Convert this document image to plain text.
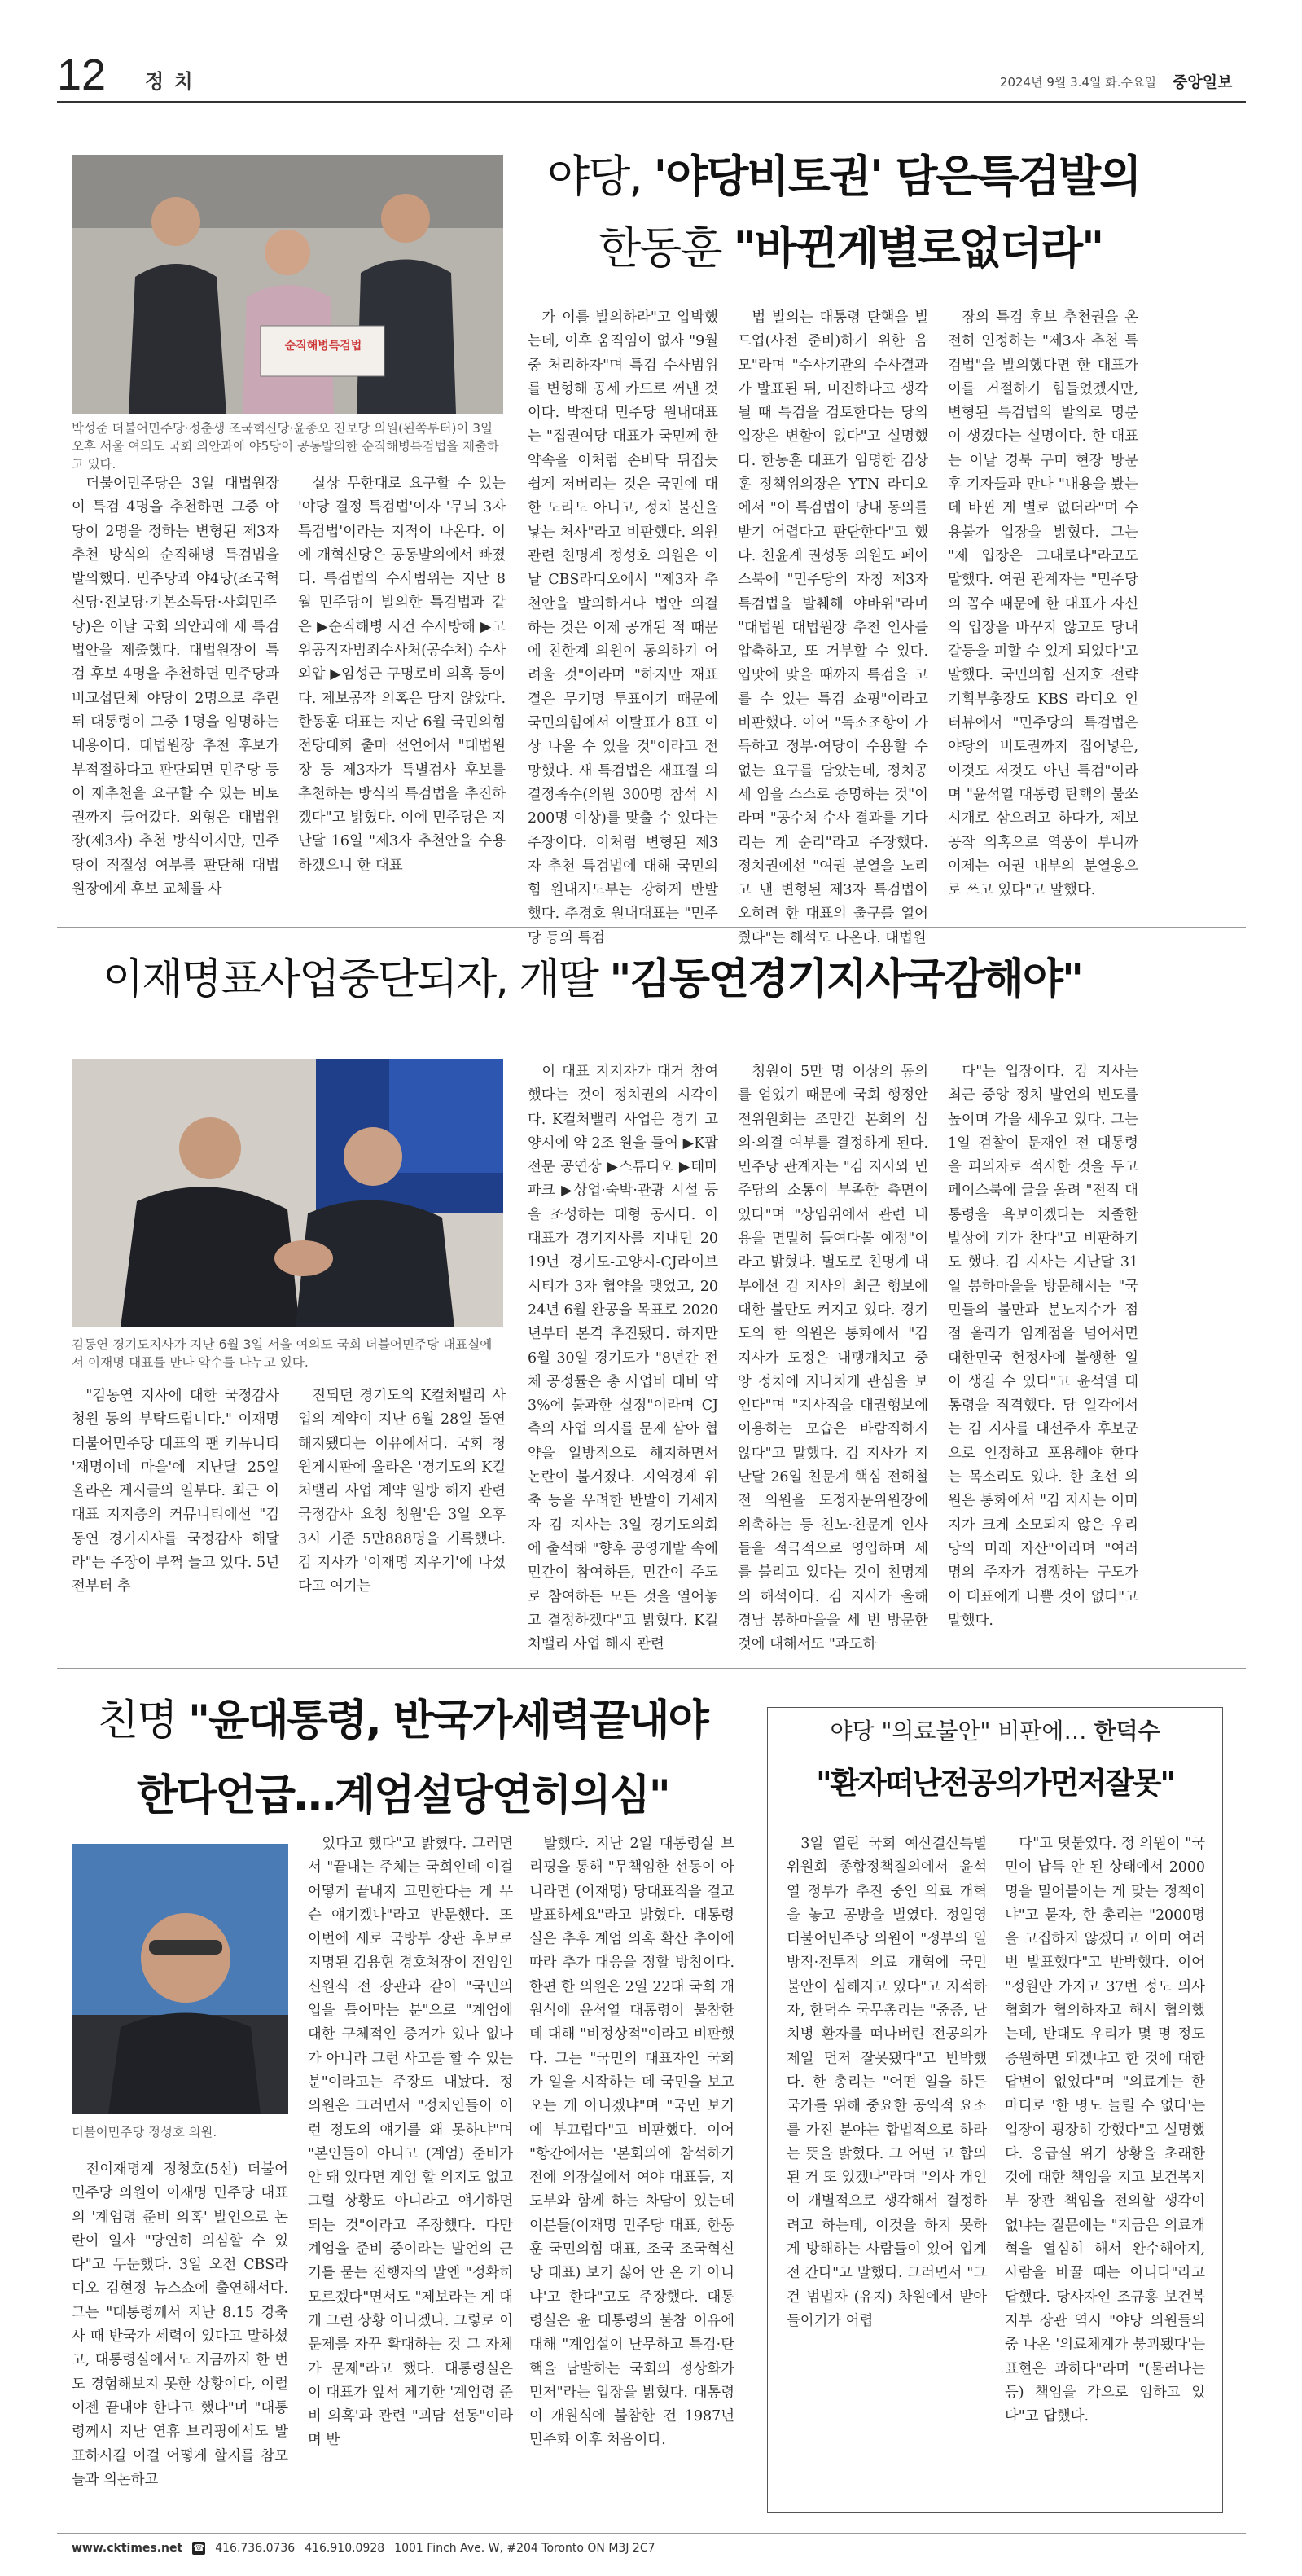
12 정 치	2024년 9월 3.4일 화.수요일 중앙일보
순직해병특검법
박성준 더불어민주당·정춘생 조국혁신당·윤종오 진보당 의원(왼쪽부터)이 3일 오후 서울 여의도 국회 의안과에 야5당이 공동발의한 순직해병특검법을 제출하고 있다.
야당, '야당비토권' 담은특검발의
한동훈 "바뀐게별로없더라"

가 이를 발의하라"고 압박했는데, 이후 움직임이 없자 "9월 중 처리하자"며 특검 수사범위를 변형해 공세 카드로 꺼낸 것이다. 박찬대 민주당 원내대표는 "집권여당 대표가 국민께 한 약속을 이처럼 손바닥 뒤집듯 쉽게 저버리는 것은 국민에 대한 도리도 아니고, 정치 불신을 낳는 처사"라고 비판했다. 의원 관련 친명계 정성호 의원은 이날 CBS라디오에서 "제3자 추천안을 발의하거나 법안 의결하는 것은 이제 공개된 적 때문에 친한계 의원이 동의하기 어려울 것"이라며 "하지만 재표결은 무기명 투표이기 때문에 국민의힘에서 이탈표가 8표 이상 나올 수 있을 것"이라고 전망했다. 새 특검법은 재표결 의결정족수(의원 300명 참석 시 200명 이상)를 맞출 수 있다는 주장이다. 이처럼 변형된 제3자 추천 특검법에 대해 국민의힘 원내지도부는 강하게 반발했다. 추경호 원내대표는 "민주당 등의 특검

법 발의는 대통령 탄핵을 빌드업(사전 준비)하기 위한 음모"라며 "수사기관의 수사결과가 발표된 뒤, 미진하다고 생각될 때 특검을 검토한다는 당의 입장은 변함이 없다"고 설명했다. 한동훈 대표가 임명한 김상훈 정책위의장은 YTN 라디오에서 "이 특검법이 당내 동의를 받기 어렵다고 판단한다"고 했다. 친윤계 권성동 의원도 페이스북에 "민주당의 자칭 제3자 특검법을 발췌해 야바위"라며 "대법원 대법원장 추천 인사를 압축하고, 또 거부할 수 있다. 입맛에 맞을 때까지 특검을 고를 수 있는 특검 쇼핑"이라고 비판했다. 이어 "독소조항이 가득하고 정부·여당이 수용할 수 없는 요구를 담았는데, 정치공세 임을 스스로 증명하는 것"이라며 "공수처 수사 결과를 기다리는 게 순리"라고 주장했다. 정치권에선 "여권 분열을 노리고 낸 변형된 제3자 특검법이 오히려 한 대표의 출구를 열어줬다"는 해석도 나온다. 대법원

장의 특검 후보 추천권을 온전히 인정하는 "제3자 추천 특검법"을 발의했다면 한 대표가 이를 거절하기 힘들었겠지만, 변형된 특검법의 발의로 명분이 생겼다는 설명이다. 한 대표는 이날 경북 구미 현장 방문 후 기자들과 만나 "내용을 봤는데 바뀐 게 별로 없더라"며 수용불가 입장을 밝혔다. 그는 "제 입장은 그대로다"라고도 말했다. 여권 관계자는 "민주당의 꼼수 때문에 한 대표가 자신의 입장을 바꾸지 않고도 당내 갈등을 피할 수 있게 되었다"고 말했다. 국민의힘 신지호 전략기획부총장도 KBS 라디오 인터뷰에서 "민주당의 특검법은 야당의 비토권까지 집어넣은, 이것도 저것도 아닌 특검"이라며 "윤석열 대통령 탄핵의 불쏘시개로 삼으려고 하다가, 제보 공작 의혹으로 역풍이 부니까 이제는 여권 내부의 분열용으로 쓰고 있다"고 말했다.

더불어민주당은 3일 대법원장이 특검 4명을 추천하면 그중 야당이 2명을 정하는 변형된 제3자 추천 방식의 순직해병 특검법을 발의했다. 민주당과 야4당(조국혁신당·진보당·기본소득당·사회민주당)은 이날 국회 의안과에 새 특검법안을 제출했다. 대법원장이 특검 후보 4명을 추천하면 민주당과 비교섭단체 야당이 2명으로 추린 뒤 대통령이 그중 1명을 임명하는 내용이다. 대법원장 추천 후보가 부적절하다고 판단되면 민주당 등이 재추천을 요구할 수 있는 비토권까지 들어갔다. 외형은 대법원장(제3자) 추천 방식이지만, 민주당이 적절성 여부를 판단해 대법원장에게 후보 교체를 사

실상 무한대로 요구할 수 있는 '야당 결정 특검법'이자 '무늬 3자 특검법'이라는 지적이 나온다. 이에 개혁신당은 공동발의에서 빠졌다. 특검법의 수사범위는 지난 8월 민주당이 발의한 특검법과 같은 ▶순직해병 사건 수사방해 ▶고위공직자범죄수사처(공수처) 수사 외압 ▶임성근 구명로비 의혹 등이다. 제보공작 의혹은 담지 않았다. 한동훈 대표는 지난 6월 국민의힘 전당대회 출마 선언에서 "대법원장 등 제3자가 특별검사 후보를 추천하는 방식의 특검법을 추진하겠다"고 밝혔다. 이에 민주당은 지난달 16일 "제3자 추천안을 수용하겠으니 한 대표

이재명표사업중단되자, 개딸 "김동연경기지사국감해야"
김동연 경기도지사가 지난 6월 3일 서울 여의도 국회 더불어민주당 대표실에서 이재명 대표를 만나 악수를 나누고 있다.

이 대표 지지자가 대거 참여했다는 것이 정치권의 시각이다. K컬처밸리 사업은 경기 고양시에 약 2조 원을 들여 ▶K팝 전문 공연장 ▶스튜디오 ▶테마파크 ▶상업·숙박·관광 시설 등을 조성하는 대형 공사다. 이 대표가 경기지사를 지내던 2019년 경기도-고양시-CJ라이브시티가 3자 협약을 맺었고, 2024년 6월 완공을 목표로 2020년부터 본격 추진됐다. 하지만 6월 30일 경기도가 "8년간 전체 공정률은 총 사업비 대비 약 3%에 불과한 실정"이라며 CJ측의 사업 의지를 문제 삼아 협약을 일방적으로 해지하면서 논란이 불거졌다. 지역경제 위축 등을 우려한 반발이 거세지자 김 지사는 3일 경기도의회에 출석해 "향후 공영개발 속에 민간이 참여하든, 민간이 주도로 참여하든 모든 것을 열어놓고 결정하겠다"고 밝혔다. K컬처밸리 사업 해지 관련

청원이 5만 명 이상의 동의를 얻었기 때문에 국회 행정안전위원회는 조만간 본회의 심의·의결 여부를 결정하게 된다. 민주당 관계자는 "김 지사와 민주당의 소통이 부족한 측면이 있다"며 "상임위에서 관련 내용을 면밀히 들여다볼 예정"이라고 밝혔다. 별도로 친명계 내부에선 김 지사의 최근 행보에 대한 불만도 커지고 있다. 경기도의 한 의원은 통화에서 "김 지사가 도정은 내팽개치고 중앙 정치에 지나치게 관심을 보인다"며 "지사직을 대권행보에 이용하는 모습은 바람직하지 않다"고 말했다. 김 지사가 지난달 26일 친문계 핵심 전해철 전 의원을 도정자문위원장에 위촉하는 등 친노·친문계 인사들을 적극적으로 영입하며 세를 불리고 있다는 것이 친명계의 해석이다. 김 지사가 올해 경남 봉하마을을 세 번 방문한 것에 대해서도 "과도하

다"는 입장이다. 김 지사는 최근 중앙 정치 발언의 빈도를 높이며 각을 세우고 있다. 그는 1일 검찰이 문재인 전 대통령을 피의자로 적시한 것을 두고 페이스북에 글을 올려 "전직 대통령을 욕보이겠다는 치졸한 발상에 기가 찬다"고 비판하기도 했다. 김 지사는 지난달 31일 봉하마을을 방문해서는 "국민들의 불만과 분노지수가 점점 올라가 임계점을 넘어서면 대한민국 헌정사에 불행한 일이 생길 수 있다"고 윤석열 대통령을 직격했다. 당 일각에서는 김 지사를 대선주자 후보군으로 인정하고 포용해야 한다는 목소리도 있다. 한 초선 의원은 통화에서 "김 지사는 이미지가 크게 소모되지 않은 우리 당의 미래 자산"이라며 "여러 명의 주자가 경쟁하는 구도가 이 대표에게 나쁠 것이 없다"고 말했다.

"김동연 지사에 대한 국정감사 청원 동의 부탁드립니다." 이재명 더불어민주당 대표의 팬 커뮤니티 '재명이네 마을'에 지난달 25일 올라온 게시글의 일부다. 최근 이 대표 지지층의 커뮤니티에선 "김동연 경기지사를 국정감사 해달라"는 주장이 부쩍 늘고 있다. 5년 전부터 추

진되던 경기도의 K컬처밸리 사업의 계약이 지난 6월 28일 돌연 해지됐다는 이유에서다. 국회 청원게시판에 올라온 '경기도의 K컬처밸리 사업 계약 일방 해지 관련 국정감사 요청 청원'은 3일 오후 3시 기준 5만888명을 기록했다. 김 지사가 '이재명 지우기'에 나섰다고 여기는

친명 "윤대통령, 반국가세력끝내야
한다언급…계엄설당연히의심"
더불어민주당 정성호 의원.

전이재명계 정청호(5선) 더불어민주당 의원이 이재명 민주당 대표의 '계엄령 준비 의혹' 발언으로 논란이 일자 "당연히 의심할 수 있다"고 두둔했다. 3일 오전 CBS라디오 김현정 뉴스쇼에 출연해서다. 그는 "대통령께서 지난 8.15 경축사 때 반국가 세력이 있다고 말하셨고, 대통령실에서도 지금까지 한 번도 경험해보지 못한 상황이다, 이럴 이젠 끝내야 한다고 했다"며 "대통령께서 지난 연휴 브리핑에서도 발표하시길 이걸 어떻게 할지를 참모들과 의논하고

있다고 했다"고 밝혔다. 그러면서 "끝내는 주체는 국회인데 이걸 어떻게 끝내지 고민한다는 게 무슨 얘기겠나"라고 반문했다. 또 이번에 새로 국방부 장관 후보로 지명된 김용현 경호처장이 전임인 신원식 전 장관과 같이 "국민의 입을 틀어막는 분"으로 "계엄에 대한 구체적인 증거가 있나 없나가 아니라 그런 사고를 할 수 있는 분"이라고는 주장도 내놨다. 정 의원은 그러면서 "정치인들이 이런 정도의 얘기를 왜 못하냐"며 "본인들이 아니고 (계엄) 준비가 안 돼 있다면 계엄 할 의지도 없고 그럴 상황도 아니라고 얘기하면 되는 것"이라고 주장했다. 다만 계엄을 준비 중이라는 발언의 근거를 묻는 진행자의 말엔 "정확히 모르겠다"면서도 "제보라는 게 대개 그런 상황 아니겠나. 그렇로 이 문제를 자꾸 확대하는 것 그 자체가 문제"라고 했다. 대통령실은 이 대표가 앞서 제기한 '계엄령 준비 의혹'과 관련 "괴담 선동"이라며 반

발했다. 지난 2일 대통령실 브리핑을 통해 "무책임한 선동이 아니라면 (이재명) 당대표직을 걸고 발표하세요"라고 밝혔다. 대통령실은 추후 계엄 의혹 확산 추이에 따라 추가 대응을 정할 방침이다. 한편 한 의원은 2일 22대 국회 개원식에 윤석열 대통령이 불참한 데 대해 "비정상적"이라고 비판했다. 그는 "국민의 대표자인 국회가 일을 시작하는 데 국민을 보고 오는 게 아니겠냐"며 "국민 보기에 부끄럽다"고 비판했다. 이어 "항간에서는 '본회의에 참석하기 전에 의장실에서 여야 대표들, 지도부와 함께 하는 차담이 있는데 이분들(이재명 민주당 대표, 한동훈 국민의힘 대표, 조국 조국혁신당 대표) 보기 싫어 안 온 거 아니냐'고 한다"고도 주장했다. 대통령실은 윤 대통령의 불참 이유에 대해 "계엄설이 난무하고 특검·탄핵을 남발하는 국회의 정상화가 먼저"라는 입장을 밝혔다. 대통령이 개원식에 불참한 건 1987년 민주화 이후 처음이다.

야당 "의료불안" 비판에… 한덕수
"환자떠난전공의가먼저잘못"

3일 열린 국회 예산결산특별위원회 종합정책질의에서 윤석열 정부가 추진 중인 의료 개혁을 놓고 공방을 벌였다. 정일영 더불어민주당 의원이 "정부의 일방적·전투적 의료 개혁에 국민 불안이 심해지고 있다"고 지적하자, 한덕수 국무총리는 "중증, 난치병 환자를 떠나버린 전공의가 제일 먼저 잘못됐다"고 반박했다. 한 총리는 "어떤 일을 하든 국가를 위해 중요한 공익적 요소를 가진 분야는 합법적으로 하라는 뜻을 밝혔다. 그 어떤 고 합의된 거 또 있겠나"라며 "의사 개인이 개별적으로 생각해서 결정하려고 하는데, 이것을 하지 못하게 방해하는 사람들이 있어 업계 전 간다"고 말했다. 그러면서 "그건 범법자 (유지) 차원에서 받아들이기가 어렵

다"고 덧붙였다. 정 의원이 "국민이 납득 안 된 상태에서 2000명을 밀어붙이는 게 맞는 정책이냐"고 묻자, 한 총리는 "2000명을 고집하지 않겠다고 이미 여러 번 발표했다"고 반박했다. 이어 "정원안 가지고 37번 정도 의사협회가 협의하자고 해서 협의했는데, 반대도 우리가 몇 명 정도 증원하면 되겠냐고 한 것에 대한 답변이 없었다"며 "의료계는 한마디로 '한 명도 늘릴 수 없다'는 입장이 굉장히 강했다"고 설명했다. 응급실 위기 상황을 초래한 것에 대한 책임을 지고 보건복지부 장관 책임을 전의할 생각이 없냐는 질문에는 "지금은 의료개혁을 열심히 해서 완수해야지, 사람을 바꿀 때는 아니다"라고 답했다. 당사자인 조규홍 보건복지부 장관 역시 "야당 의원들의 중 나온 '의료체계가 붕괴됐다'는 표현은 과하다"라며 "(물러나는 등) 책임을 각으로 임하고 있다"고 답했다.

www.cktimes.net ☎ 416.736.0736 416.910.0928 1001 Finch Ave. W, #204 Toronto ON M3J 2C7
